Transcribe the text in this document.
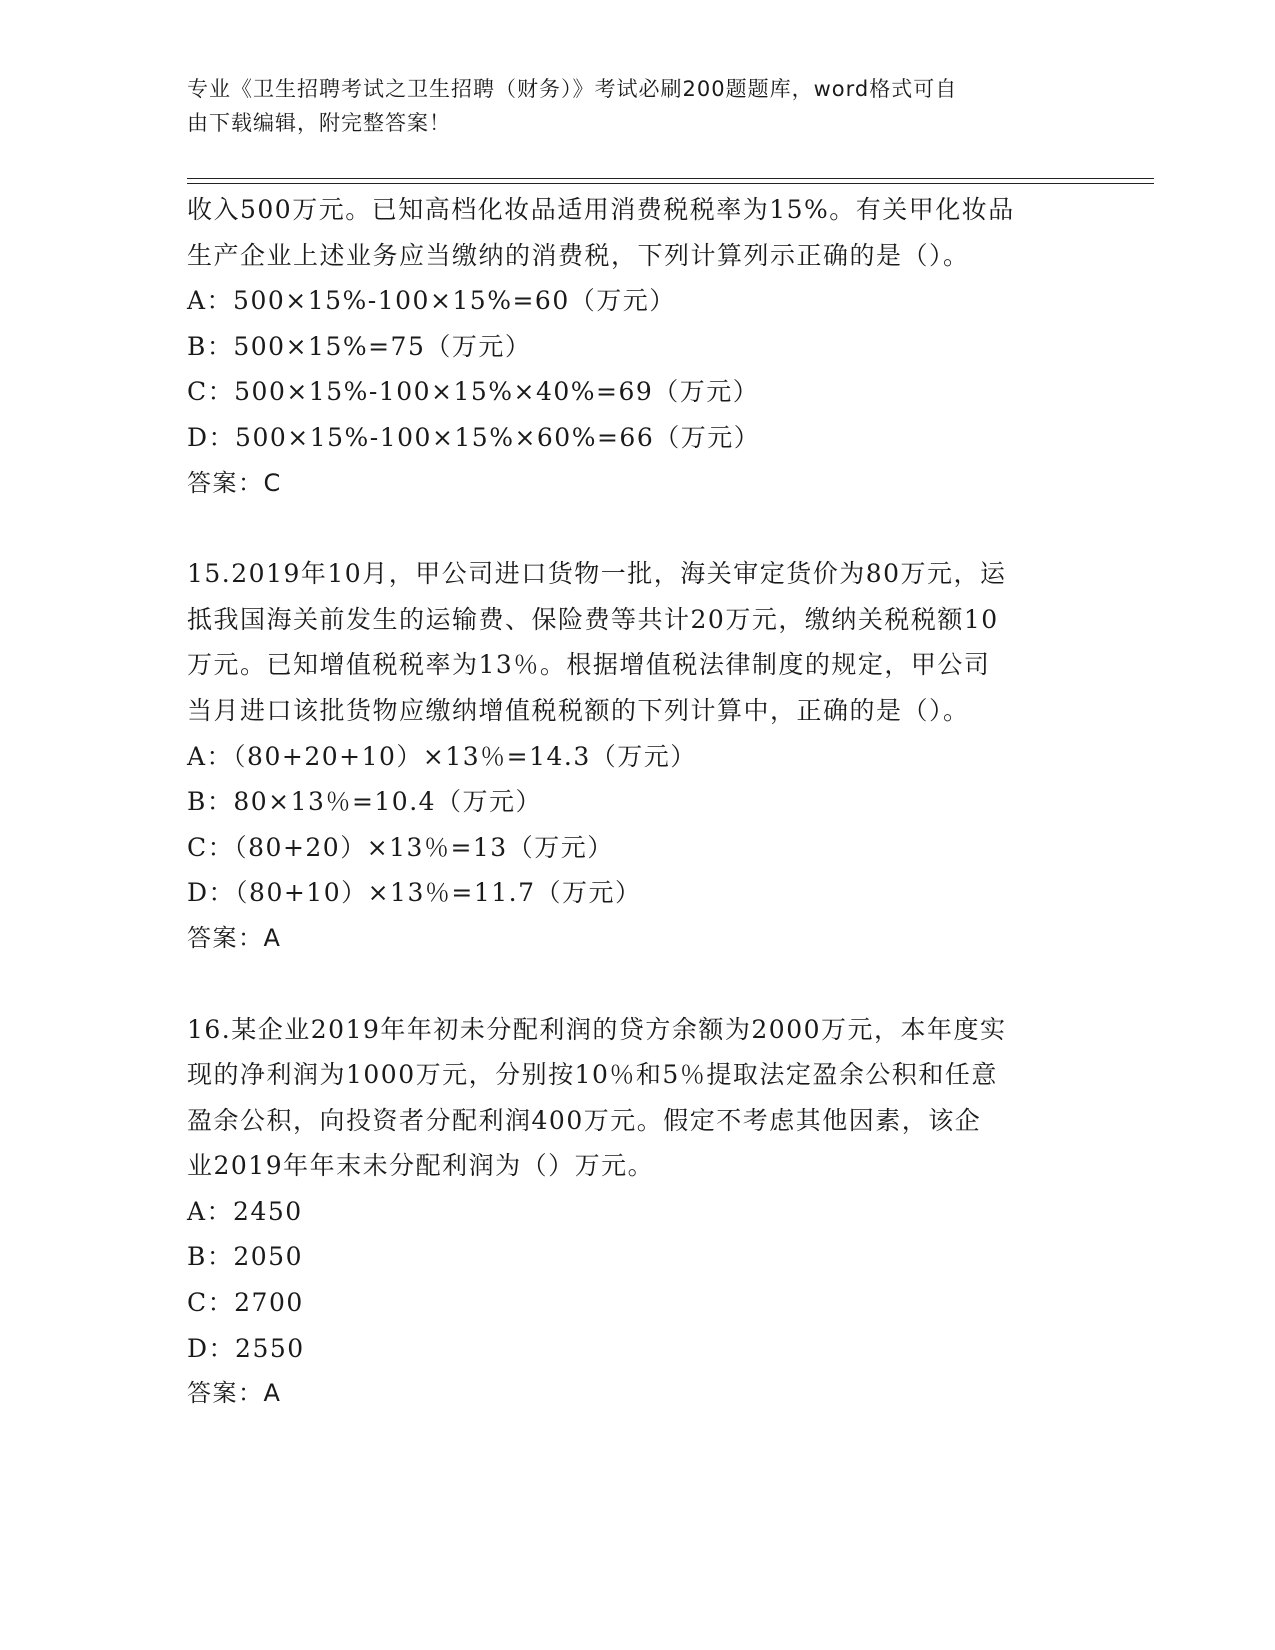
专业《卫生招聘考试之卫生招聘（财务）》考试必刷200题题库，word格式可自
由下载编辑，附完整答案！
收入500万元。已知高档化妆品适用消费税税率为15%。有关甲化妆品
生产企业上述业务应当缴纳的消费税，下列计算列示正确的是（）。
A：500×15%-100×15%=60（万元）
B：500×15%=75（万元）
C：500×15%-100×15%×40%=69（万元）
D：500×15%-100×15%×60%=66（万元）
答案：C
15.2019年10月，甲公司进口货物一批，海关审定货价为80万元，运
抵我国海关前发生的运输费、保险费等共计20万元，缴纳关税税额10
万元。已知增值税税率为13％。根据增值税法律制度的规定，甲公司
当月进口该批货物应缴纳增值税税额的下列计算中，正确的是（）。
A：（80+20+10）×13％=14.3（万元）
B：80×13％=10.4（万元）
C：（80+20）×13％=13（万元）
D：（80+10）×13％=11.7（万元）
答案：A
16.某企业2019年年初未分配利润的贷方余额为2000万元，本年度实
现的净利润为1000万元，分别按10％和5％提取法定盈余公积和任意
盈余公积，向投资者分配利润400万元。假定不考虑其他因素，该企
业2019年年末未分配利润为（）万元。
A：2450
B：2050
C：2700
D：2550
答案：A
